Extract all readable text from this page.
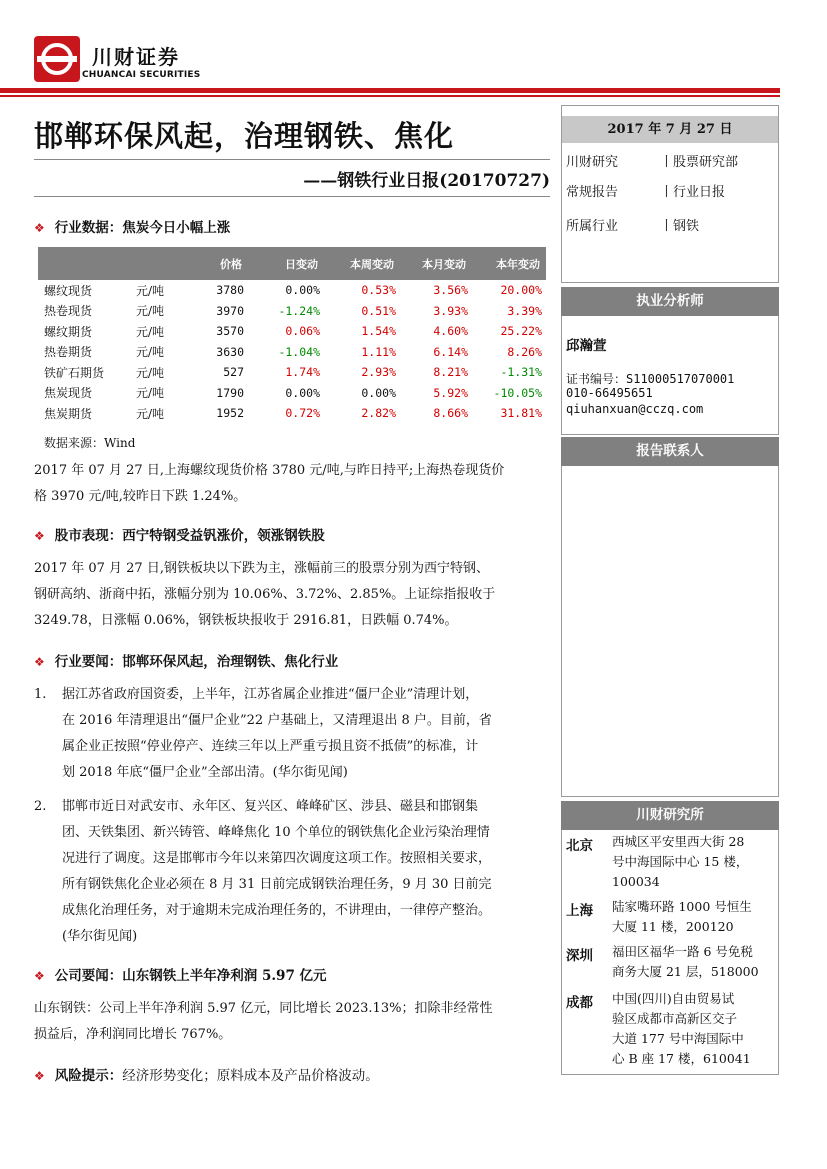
川财证券
CHUANCAI SECURITIES
邯郸环保风起，治理钢铁、焦化
——钢铁行业日报(20170727)
❖ 行业数据：焦炭今日小幅上涨
		价格	日变动	本周变动	本月变动	本年变动
螺纹现货	元/吨	3780	0.00%	0.53%	3.56%	20.00%
热卷现货	元/吨	3970	-1.24%	0.51%	3.93%	3.39%
螺纹期货	元/吨	3570	0.06%	1.54%	4.60%	25.22%
热卷期货	元/吨	3630	-1.04%	1.11%	6.14%	8.26%
铁矿石期货	元/吨	527	1.74%	2.93%	8.21%	-1.31%
焦炭现货	元/吨	1790	0.00%	0.00%	5.92%	-10.05%
焦炭期货	元/吨	1952	0.72%	2.82%	8.66%	31.81%
数据来源：Wind
2017 年 07 月 27 日,上海螺纹现货价格 3780 元/吨,与昨日持平;上海热卷现货价
格 3970 元/吨,较昨日下跌 1.24%。
❖ 股市表现：西宁特钢受益钒涨价，领涨钢铁股
2017 年 07 月 27 日,钢铁板块以下跌为主，涨幅前三的股票分别为西宁特钢、
钢研高纳、浙商中拓，涨幅分别为 10.06%、3.72%、2.85%。上证综指报收于
3249.78，日涨幅 0.06%，钢铁板块报收于 2916.81，日跌幅 0.74%。
❖ 行业要闻：邯郸环保风起，治理钢铁、焦化行业
1. 据江苏省政府国资委，上半年，江苏省属企业推进“僵尸企业”清理计划，
在 2016 年清理退出“僵尸企业”22 户基础上，又清理退出 8 户。目前，省
属企业正按照“停业停产、连续三年以上严重亏损且资不抵债”的标准，计
划 2018 年底“僵尸企业”全部出清。(华尔街见闻)
2. 邯郸市近日对武安市、永年区、复兴区、峰峰矿区、涉县、磁县和邯钢集
团、天铁集团、新兴铸管、峰峰焦化 10 个单位的钢铁焦化企业污染治理情
况进行了调度。这是邯郸市今年以来第四次调度这项工作。按照相关要求，
所有钢铁焦化企业必须在 8 月 31 日前完成钢铁治理任务，9 月 30 日前完
成焦化治理任务，对于逾期未完成治理任务的，不讲理由，一律停产整治。
(华尔街见闻)
❖ 公司要闻：山东钢铁上半年净利润 5.97 亿元
山东钢铁：公司上半年净利润 5.97 亿元，同比增长 2023.13%；扣除非经常性
损益后，净利润同比增长 767%。
❖ 风险提示：经济形势变化；原料成本及产品价格波动。
2017 年 7 月 27 日
川财研究	丨股票研究部
常规报告	丨行业日报
所属行业	丨钢铁
执业分析师
邱瀚萱
证书编号：S11000517070001
010-66495651
qiuhanxuan@cczq.com
报告联系人
川财研究所
北京 西城区平安里西大街 28
号中海国际中心 15 楼，
100034
上海 陆家嘴环路 1000 号恒生
大厦 11 楼，200120
深圳 福田区福华一路 6 号免税
商务大厦 21 层，518000
成都 中国(四川)自由贸易试
验区成都市高新区交子
大道 177 号中海国际中
心 B 座 17 楼，610041
